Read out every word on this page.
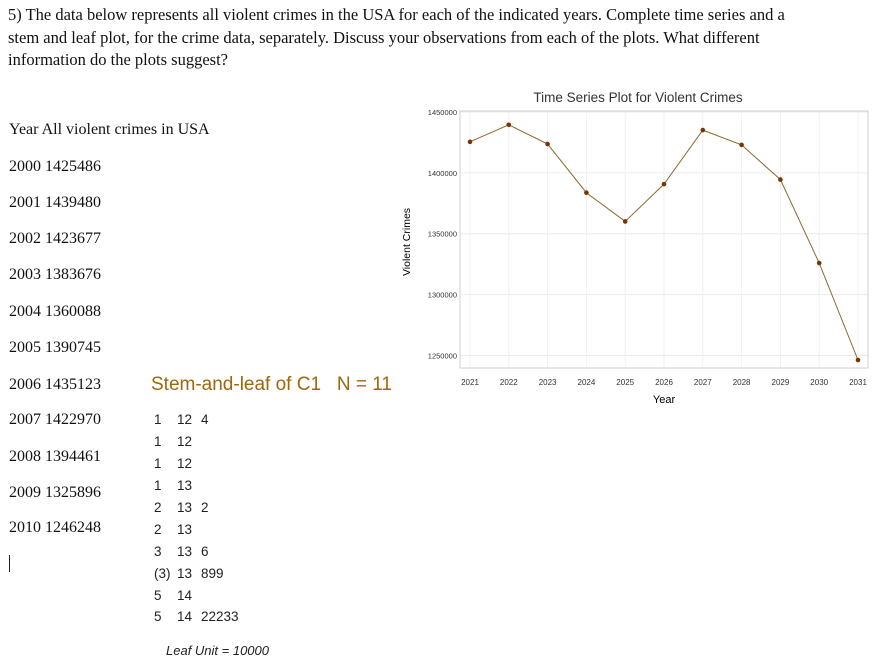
5) The data below represents all violent crimes in the USA for each of the indicated years. Complete time series and a stem and leaf plot, for the crime data, separately. Discuss your observations from each of the plots. What different information do the plots suggest?
Year All violent crimes in USA
2000 1425486
2001 1439480
2002 1423677
2003 1383676
2004 1360088
2005 1390745
2006 1435123
2007 1422970
2008 1394461
2009 1325896
2010 1246248
Stem-and-leaf of C1   N = 11
1 12 4
1 12
1 12
1 13
2 13 2
2 13
3 13 6
(3) 13 899
5 14
5 14 22233
Leaf Unit = 10000
Time Series Plot for Violent Crimes
1250000
1300000
1350000
1400000
1450000
2021	2022	2023	2024	2025	2026	2027	2028	2029	2030	2031
Year
Violent Crimes
